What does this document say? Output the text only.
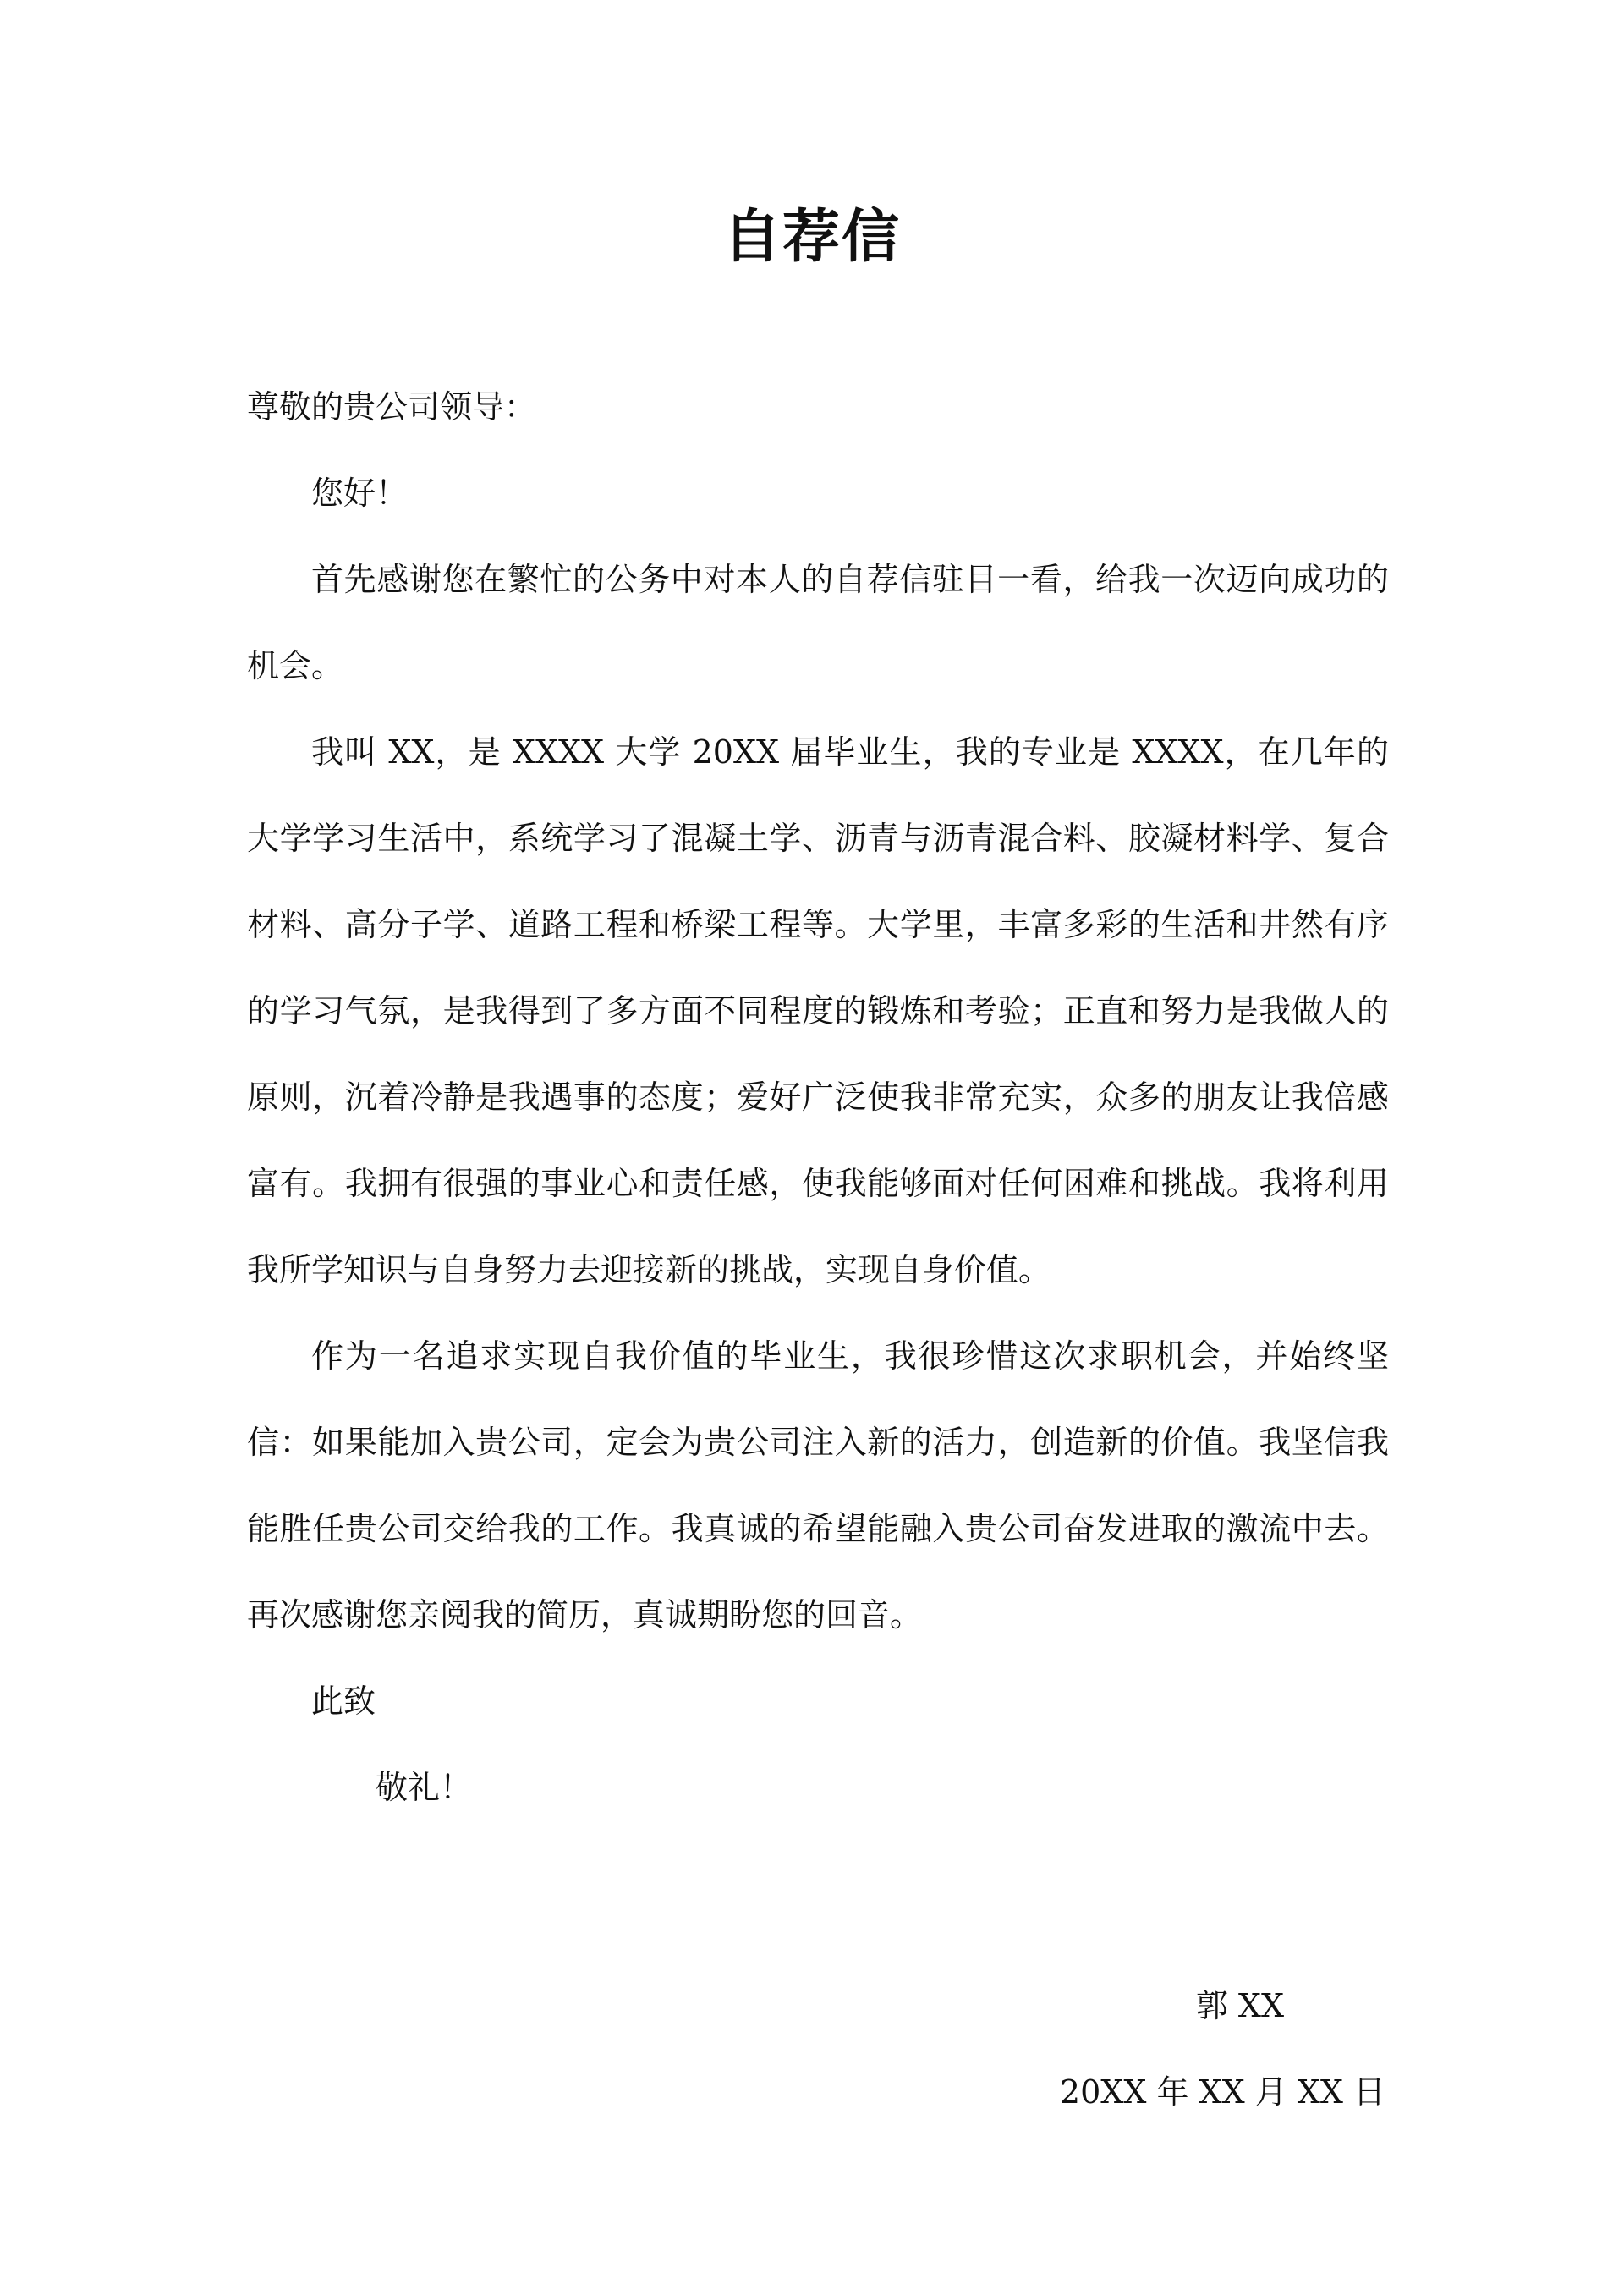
自荐信

尊敬的贵公司领导：

您好！

首先感谢您在繁忙的公务中对本人的自荐信驻目一看，给我一次迈向成功的机会。

我叫 XX，是 XXXX 大学 20XX 届毕业生，我的专业是 XXXX，在几年的大学学习生活中，系统学习了混凝土学、沥青与沥青混合料、胶凝材料学、复合材料、高分子学、道路工程和桥梁工程等。大学里，丰富多彩的生活和井然有序的学习气氛，是我得到了多方面不同程度的锻炼和考验；正直和努力是我做人的原则，沉着冷静是我遇事的态度；爱好广泛使我非常充实，众多的朋友让我倍感富有。我拥有很强的事业心和责任感，使我能够面对任何困难和挑战。我将利用我所学知识与自身努力去迎接新的挑战，实现自身价值。

作为一名追求实现自我价值的毕业生，我很珍惜这次求职机会，并始终坚信：如果能加入贵公司，定会为贵公司注入新的活力，创造新的价值。我坚信我能胜任贵公司交给我的工作。我真诚的希望能融入贵公司奋发进取的激流中去。再次感谢您亲阅我的简历，真诚期盼您的回音。

此致

敬礼！

郭 XX

20XX 年 XX 月 XX 日
